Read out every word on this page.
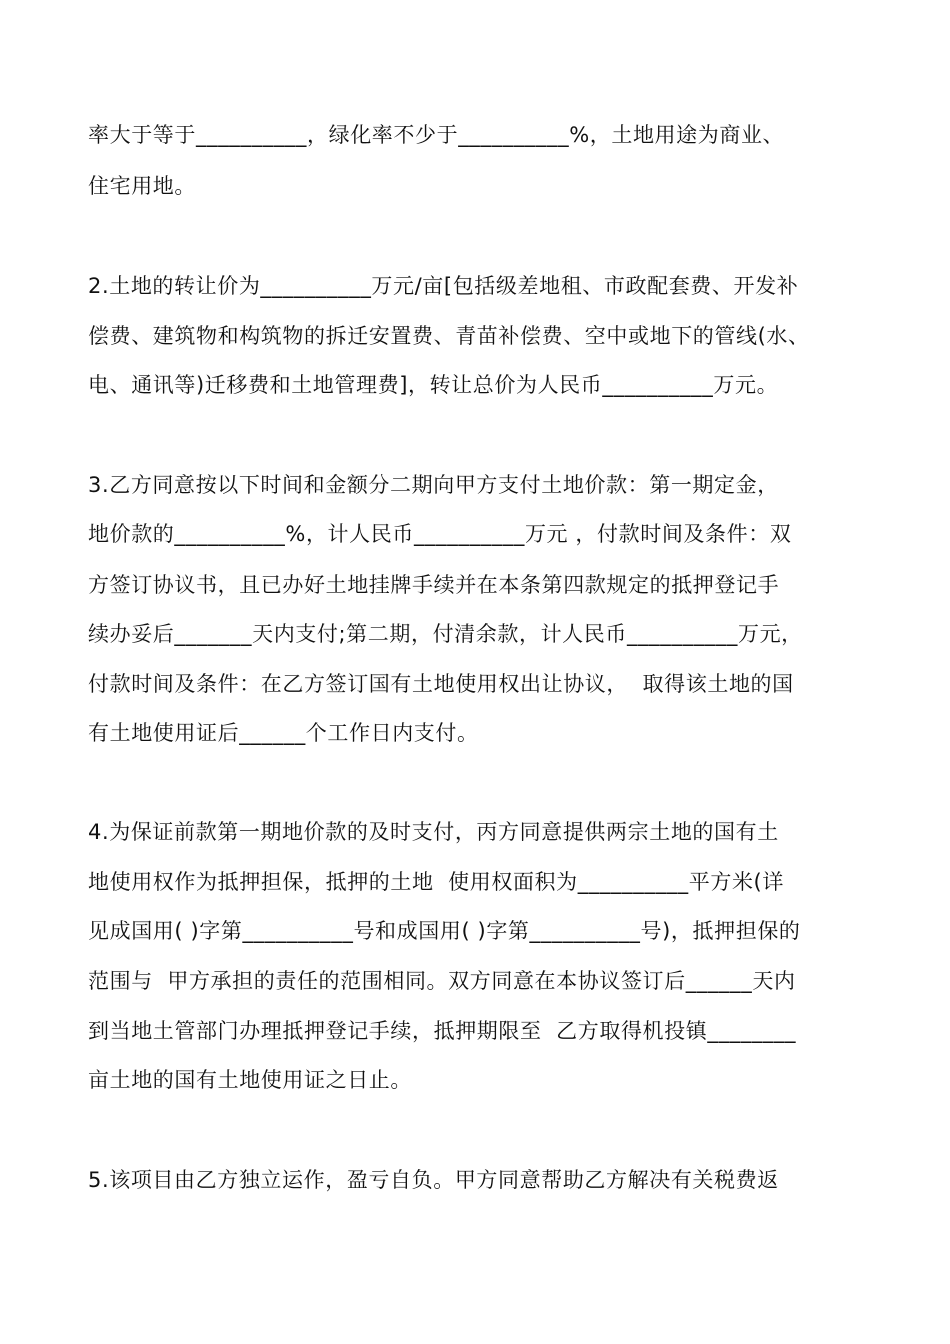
率大于等于__________，绿化率不少于__________%，土地用途为商业、
住宅用地。
2.土地的转让价为__________万元/亩[包括级差地租、市政配套费、开发补
偿费、建筑物和构筑物的拆迁安置费、青苗补偿费、空中或地下的管线(水、
电、通讯等)迁移费和土地管理费]，转让总价为人民币__________万元。
3.乙方同意按以下时间和金额分二期向甲方支付土地价款：第一期定金，
地价款的__________%，计人民币__________万元 ，付款时间及条件：双
方签订协议书，且已办好土地挂牌手续并在本条第四款规定的抵押登记手
续办妥后_______天内支付;第二期，付清余款，计人民币__________万元，
付款时间及条件：在乙方签订国有土地使用权出让协议，  取得该土地的国
有土地使用证后______个工作日内支付。
4.为保证前款第一期地价款的及时支付，丙方同意提供两宗土地的国有土
地使用权作为抵押担保，抵押的土地  使用权面积为__________平方米(详
见成国用( )字第__________号和成国用( )字第__________号)，抵押担保的
范围与  甲方承担的责任的范围相同。双方同意在本协议签订后______天内
到当地土管部门办理抵押登记手续，抵押期限至  乙方取得机投镇________
亩土地的国有土地使用证之日止。
5.该项目由乙方独立运作，盈亏自负。甲方同意帮助乙方解决有关税费返
